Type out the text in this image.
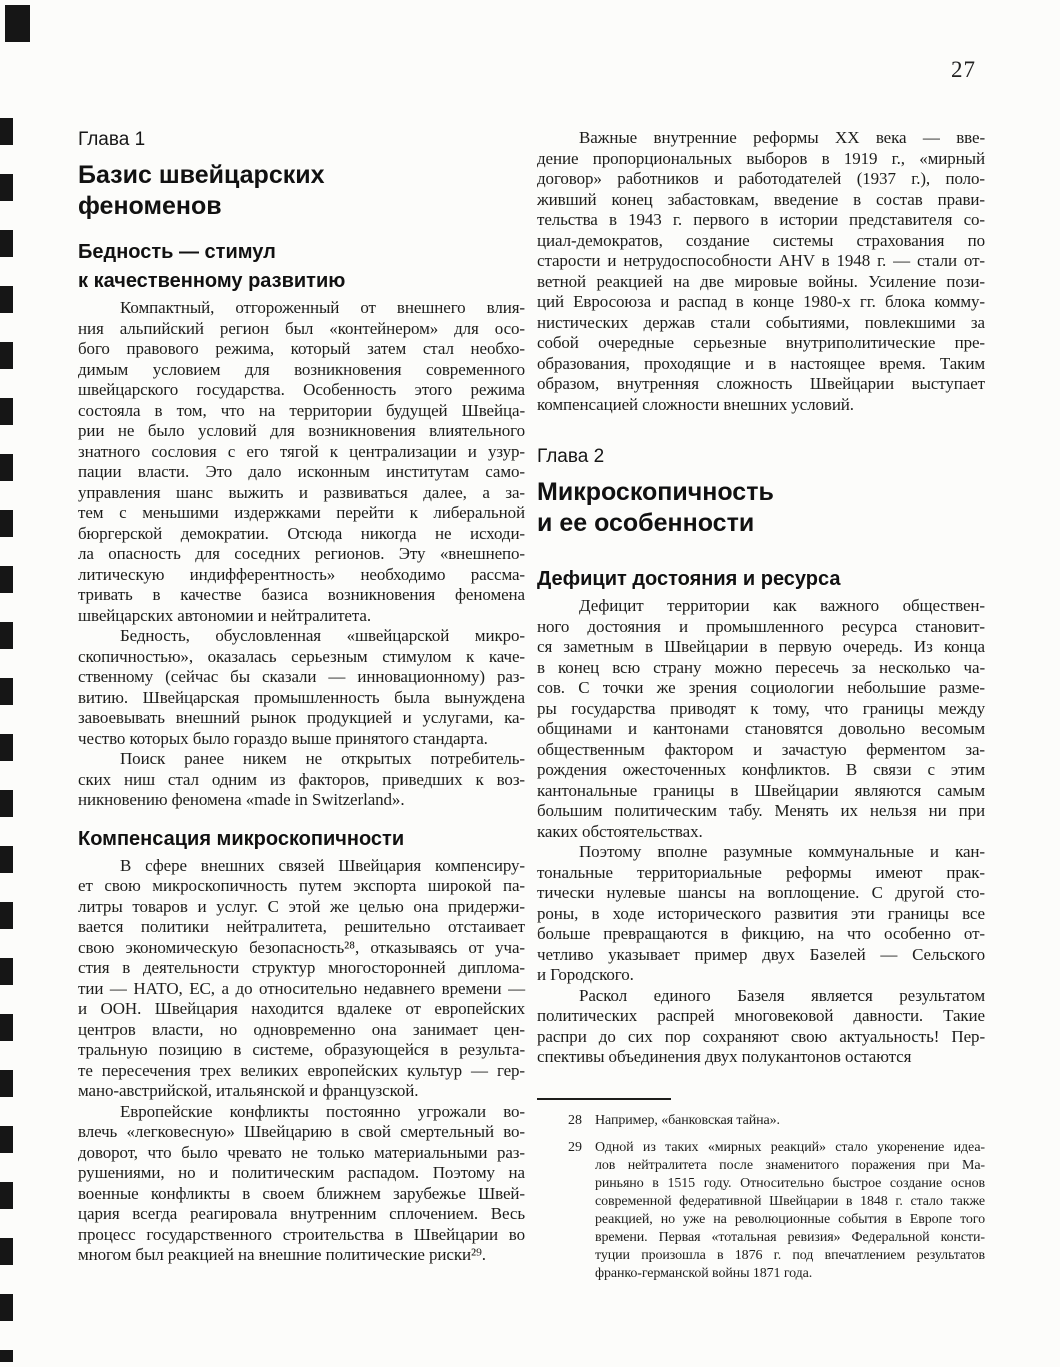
27
Глава 1
Базис швейцарских
феноменов
Бедность — стимул
к качественному развитию
Компактный, отгороженный от внешнего влия-
ния альпийский регион был «контейнером» для осо-
бого правового режима, который затем стал необхо-
димым условием для возникновения современного
швейцарского государства. Особенность этого режима
состояла в том, что на территории будущей Швейца-
рии не было условий для возникновения влиятельного
знатного сословия с его тягой к централизации и узур-
пации власти. Это дало исконным институтам само-
управления шанс выжить и развиваться далее, а за-
тем с меньшими издержками перейти к либеральной
бюргерской демократии. Отсюда никогда не исходи-
ла опасность для соседних регионов. Эту «внешнепо-
литическую индифферентность» необходимо рассма-
тривать в качестве базиса возникновения феномена
швейцарских автономии и нейтралитета.
Бедность, обусловленная «швейцарской микро-
скопичностью», оказалась серьезным стимулом к каче-
ственному (сейчас бы сказали — инновационному) раз-
витию. Швейцарская промышленность была вынуждена
завоевывать внешний рынок продукцией и услугами, ка-
чество которых было гораздо выше принятого стандарта.
Поиск ранее никем не открытых потребитель-
ских ниш стал одним из факторов, приведших к воз-
никновению феномена «made in Switzerland».
Компенсация микроскопичности
В сфере внешних связей Швейцария компенсиру-
ет свою микроскопичность путем экспорта широкой па-
литры товаров и услуг. С этой же целью она придержи-
вается политики нейтралитета, решительно отстаивает
свою экономическую безопасность²⁸, отказываясь от уча-
стия в деятельности структур многосторонней диплома-
тии — НАТО, ЕС, а до относительно недавнего времени —
и ООН. Швейцария находится вдалеке от европейских
центров власти, но одновременно она занимает цен-
тральную позицию в системе, образующейся в результа-
те пересечения трех великих европейских культур — гер-
мано-австрийской, итальянской и французской.
Европейские конфликты постоянно угрожали во-
влечь «легковесную» Швейцарию в свой смертельный во-
доворот, что было чревато не только материальными раз-
рушениями, но и политическим распадом. Поэтому на
военные конфликты в своем ближнем зарубежье Швей-
цария всегда реагировала внутренним сплочением. Весь
процесс государственного строительства в Швейцарии во
многом был реакцией на внешние политические риски²⁹.
Важные внутренние реформы XX века — вве-
дение пропорциональных выборов в 1919 г., «мирный
договор» работников и работодателей (1937 г.), поло-
живший конец забастовкам, введение в состав прави-
тельства в 1943 г. первого в истории представителя со-
циал-демократов, создание системы страхования по
старости и нетрудоспособности AHV в 1948 г. — стали от-
ветной реакцией на две мировые войны. Усиление пози-
ций Евросоюза и распад в конце 1980-х гг. блока комму-
нистических держав стали событиями, повлекшими за
собой очередные серьезные внутриполитические пре-
образования, проходящие и в настоящее время. Таким
образом, внутренняя сложность Швейцарии выступает
компенсацией сложности внешних условий.
Глава 2
Микроскопичность
и ее особенности
Дефицит достояния и ресурса
Дефицит территории как важного обществен-
ного достояния и промышленного ресурса становит-
ся заметным в Швейцарии в первую очередь. Из конца
в конец всю страну можно пересечь за несколько ча-
сов. С точки же зрения социологии небольшие разме-
ры государства приводят к тому, что границы между
общинами и кантонами становятся довольно весомым
общественным фактором и зачастую ферментом за-
рождения ожесточенных конфликтов. В связи с этим
кантональные границы в Швейцарии являются самым
большим политическим табу. Менять их нельзя ни при
каких обстоятельствах.
Поэтому вполне разумные коммунальные и кан-
тональные территориальные реформы имеют прак-
тически нулевые шансы на воплощение. С другой сто-
роны, в ходе исторического развития эти границы все
больше превращаются в фикцию, на что особенно от-
четливо указывает пример двух Базелей — Сельского
и Городского.
Раскол единого Базеля является результатом
политических распрей многовековой давности. Такие
распри до сих пор сохраняют свою актуальность! Пер-
спективы объединения двух полукантонов остаются
28 Например, «банковская тайна».
29 Одной из таких «мирных реакций» стало укоренение идеа-
лов нейтралитета после знаменитого поражения при Ма-
риньяно в 1515 году. Относительно быстрое создание основ
современной федеративной Швейцарии в 1848 г. стало также
реакцией, но уже на революционные события в Европе того
времени. Первая «тотальная ревизия» Федеральной консти-
туции произошла в 1876 г. под впечатлением результатов
франко-германской войны 1871 года.
